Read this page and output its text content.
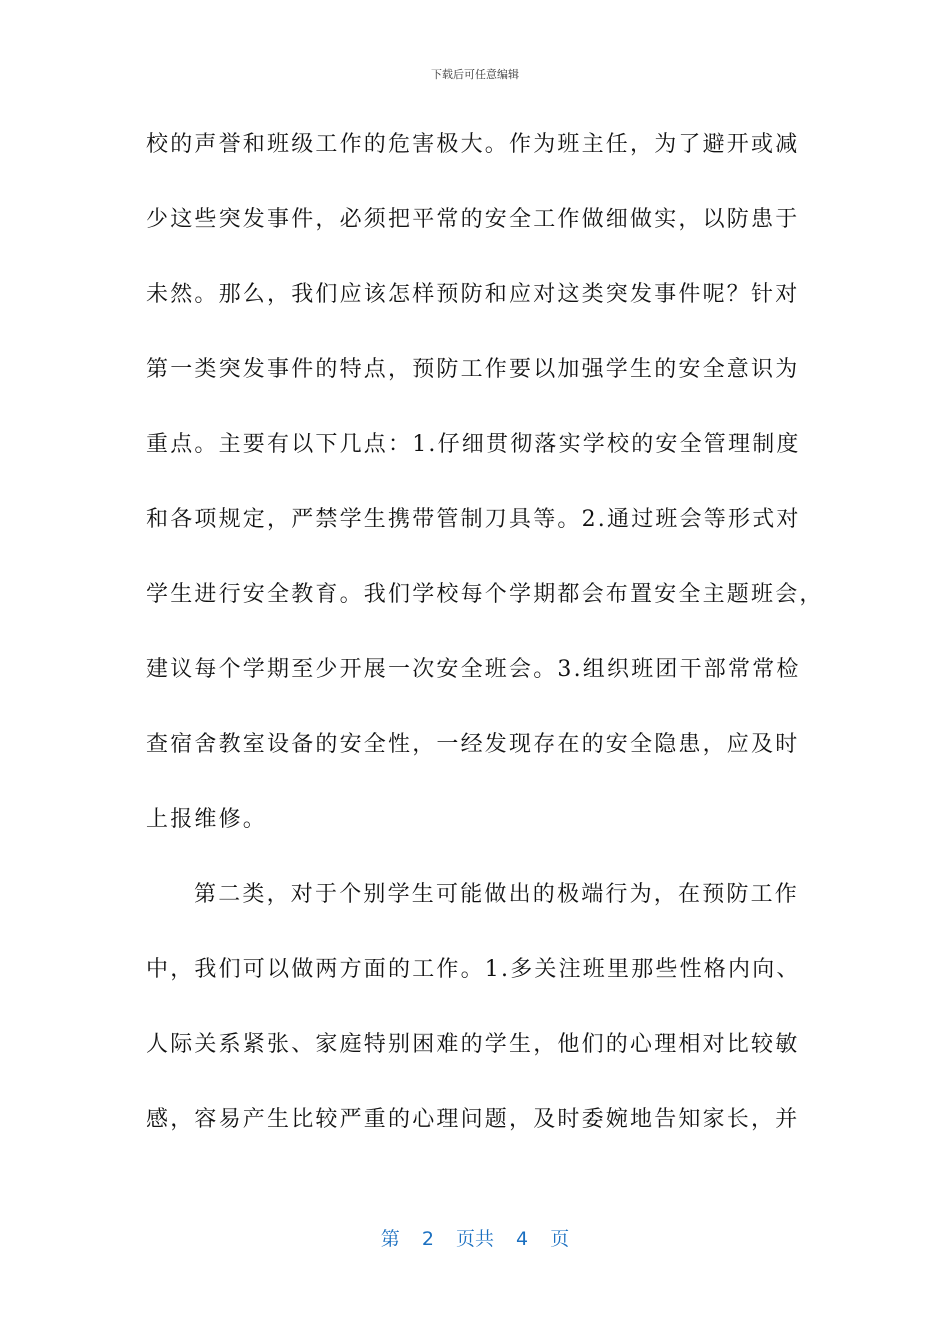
下载后可任意编辑
校的声誉和班级工作的危害极大。作为班主任，为了避开或减
少这些突发事件，必须把平常的安全工作做细做实，以防患于
未然。那么，我们应该怎样预防和应对这类突发事件呢？针对
第一类突发事件的特点，预防工作要以加强学生的安全意识为
重点。主要有以下几点：1.仔细贯彻落实学校的安全管理制度
和各项规定，严禁学生携带管制刀具等。2.通过班会等形式对
学生进行安全教育。我们学校每个学期都会布置安全主题班会，
建议每个学期至少开展一次安全班会。3.组织班团干部常常检
查宿舍教室设备的安全性，一经发现存在的安全隐患，应及时
上报维修。
第二类，对于个别学生可能做出的极端行为，在预防工作
中，我们可以做两方面的工作。1.多关注班里那些性格内向、
人际关系紧张、家庭特别困难的学生，他们的心理相对比较敏
感，容易产生比较严重的心理问题，及时委婉地告知家长，并
第 2 页共 4 页
